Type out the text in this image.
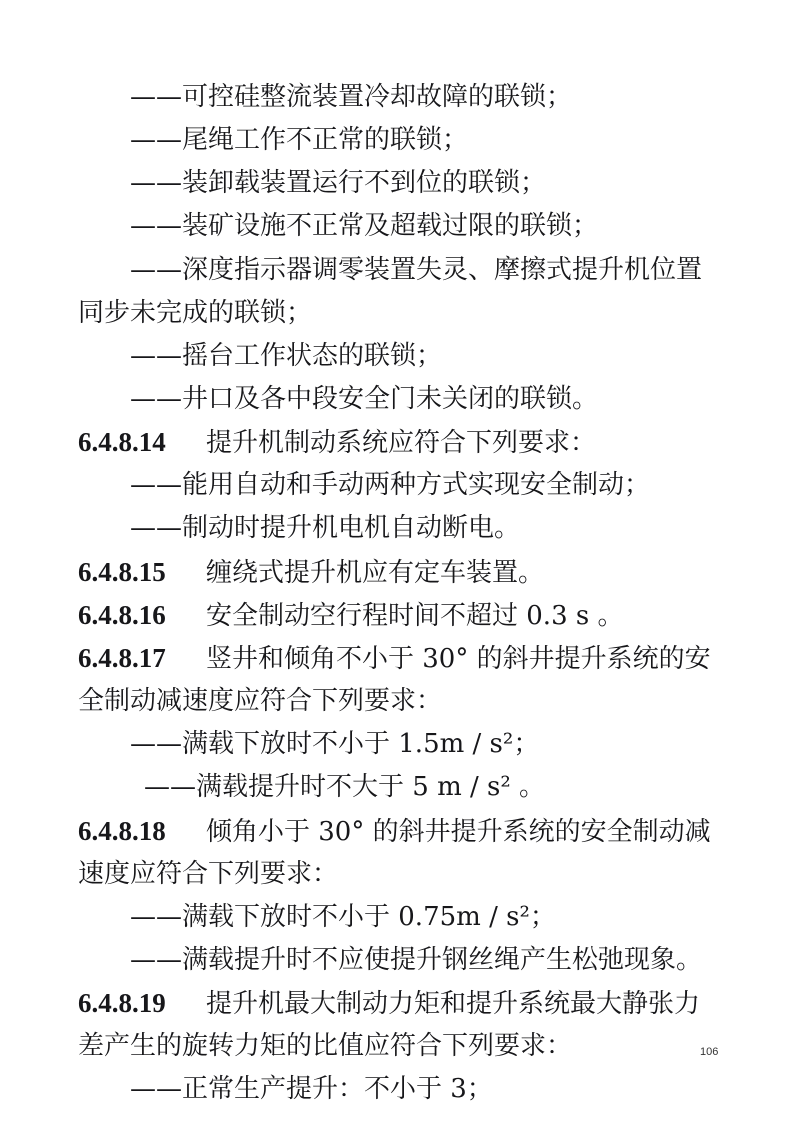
——可控硅整流装置冷却故障的联锁；
——尾绳工作不正常的联锁；
——装卸载装置运行不到位的联锁；
——装矿设施不正常及超载过限的联锁；
——深度指示器调零装置失灵、摩擦式提升机位置
同步未完成的联锁；
——摇台工作状态的联锁；
——井口及各中段安全门未关闭的联锁。
6.4.8.14 提升机制动系统应符合下列要求：
——能用自动和手动两种方式实现安全制动；
——制动时提升机电机自动断电。
6.4.8.15 缠绕式提升机应有定车装置。
6.4.8.16 安全制动空行程时间不超过 0.3 s 。
6.4.8.17 竖井和倾角不小于 30° 的斜井提升系统的安
全制动减速度应符合下列要求：
——满载下放时不小于 1.5m / s²；
——满载提升时不大于 5 m / s² 。
6.4.8.18 倾角小于 30° 的斜井提升系统的安全制动减
速度应符合下列要求：
——满载下放时不小于 0.75m / s²；
——满载提升时不应使提升钢丝绳产生松弛现象。
6.4.8.19 提升机最大制动力矩和提升系统最大静张力
差产生的旋转力矩的比值应符合下列要求：
——正常生产提升：不小于 3；
106
